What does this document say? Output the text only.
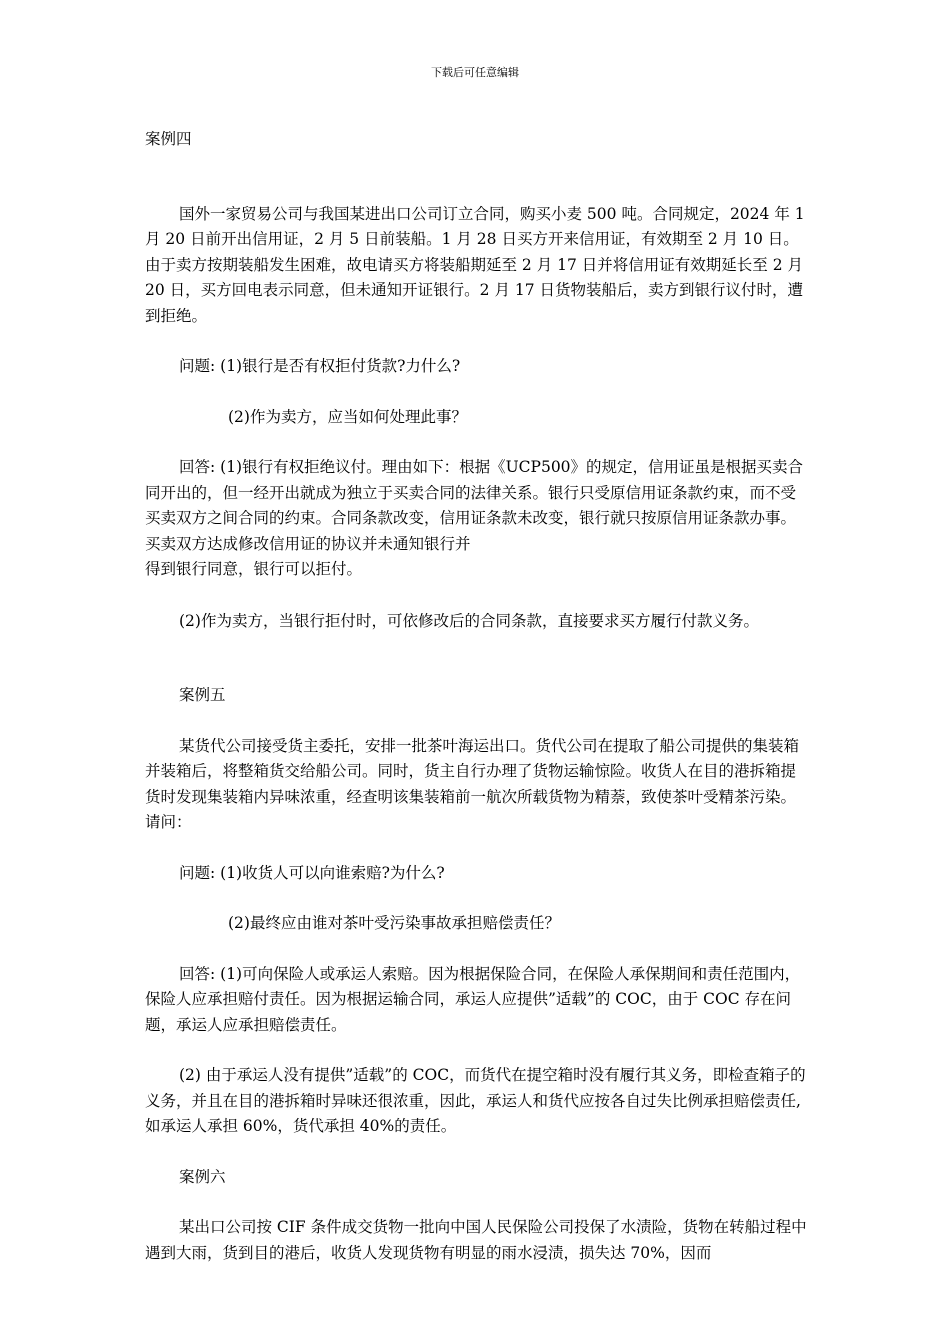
下载后可任意编辑

案例四

国外一家贸易公司与我国某进出口公司订立合同，购买小麦 500 吨。合同规定，2024 年 1 月 20 日前开出信用证，2 月 5 日前装船。1 月 28 日买方开来信用证，有效期至 2 月 10 日。由于卖方按期装船发生困难，故电请买方将装船期延至 2 月 17 日并将信用证有效期延长至 2 月 20 日，买方回电表示同意，但未通知开证银行。2 月 17 日货物装船后，卖方到银行议付时，遭到拒绝。

问题: (1)银行是否有权拒付货款?力什么?

(2)作为卖方，应当如何处理此事？

回答: (1)银行有权拒绝议付。理由如下：根据《UCP500》的规定，信用证虽是根据买卖合同开出的，但一经开出就成为独立于买卖合同的法律关系。银行只受原信用证条款约束，而不受买卖双方之间合同的约束。合同条款改变，信用证条款未改变，银行就只按原信用证条款办事。买卖双方达成修改信用证的协议并未通知银行并

得到银行同意，银行可以拒付。

(2)作为卖方，当银行拒付时，可依修改后的合同条款，直接要求买方履行付款义务。

案例五

某货代公司接受货主委托，安排一批茶叶海运出口。货代公司在提取了船公司提供的集装箱并装箱后，将整箱货交给船公司。同时，货主自行办理了货物运输惊险。收货人在目的港拆箱提货时发现集装箱内异味浓重，经查明该集装箱前一航次所载货物为精萘，致使茶叶受精茶污染。请问：

问题: (1)收货人可以向谁索赔?为什么?

(2)最终应由谁对茶叶受污染事故承担赔偿责任？

回答: (1)可向保险人或承运人索赔。因为根据保险合同，在保险人承保期间和责任范围内，保险人应承担赔付责任。因为根据运输合同，承运人应提供”适载”的 COC，由于 COC 存在问题，承运人应承担赔偿责任。

(2) 由于承运人没有提供”适载”的 COC，而货代在提空箱时没有履行其义务，即检查箱子的义务，并且在目的港拆箱时异味还很浓重，因此，承运人和货代应按各自过失比例承担赔偿责任, 如承运人承担 60%，货代承担 40%的责任。

案例六

某出口公司按 CIF 条件成交货物一批向中国人民保险公司投保了水渍险，货物在转船过程中遇到大雨，货到目的港后，收货人发现货物有明显的雨水浸渍，损失达 70%，因而
